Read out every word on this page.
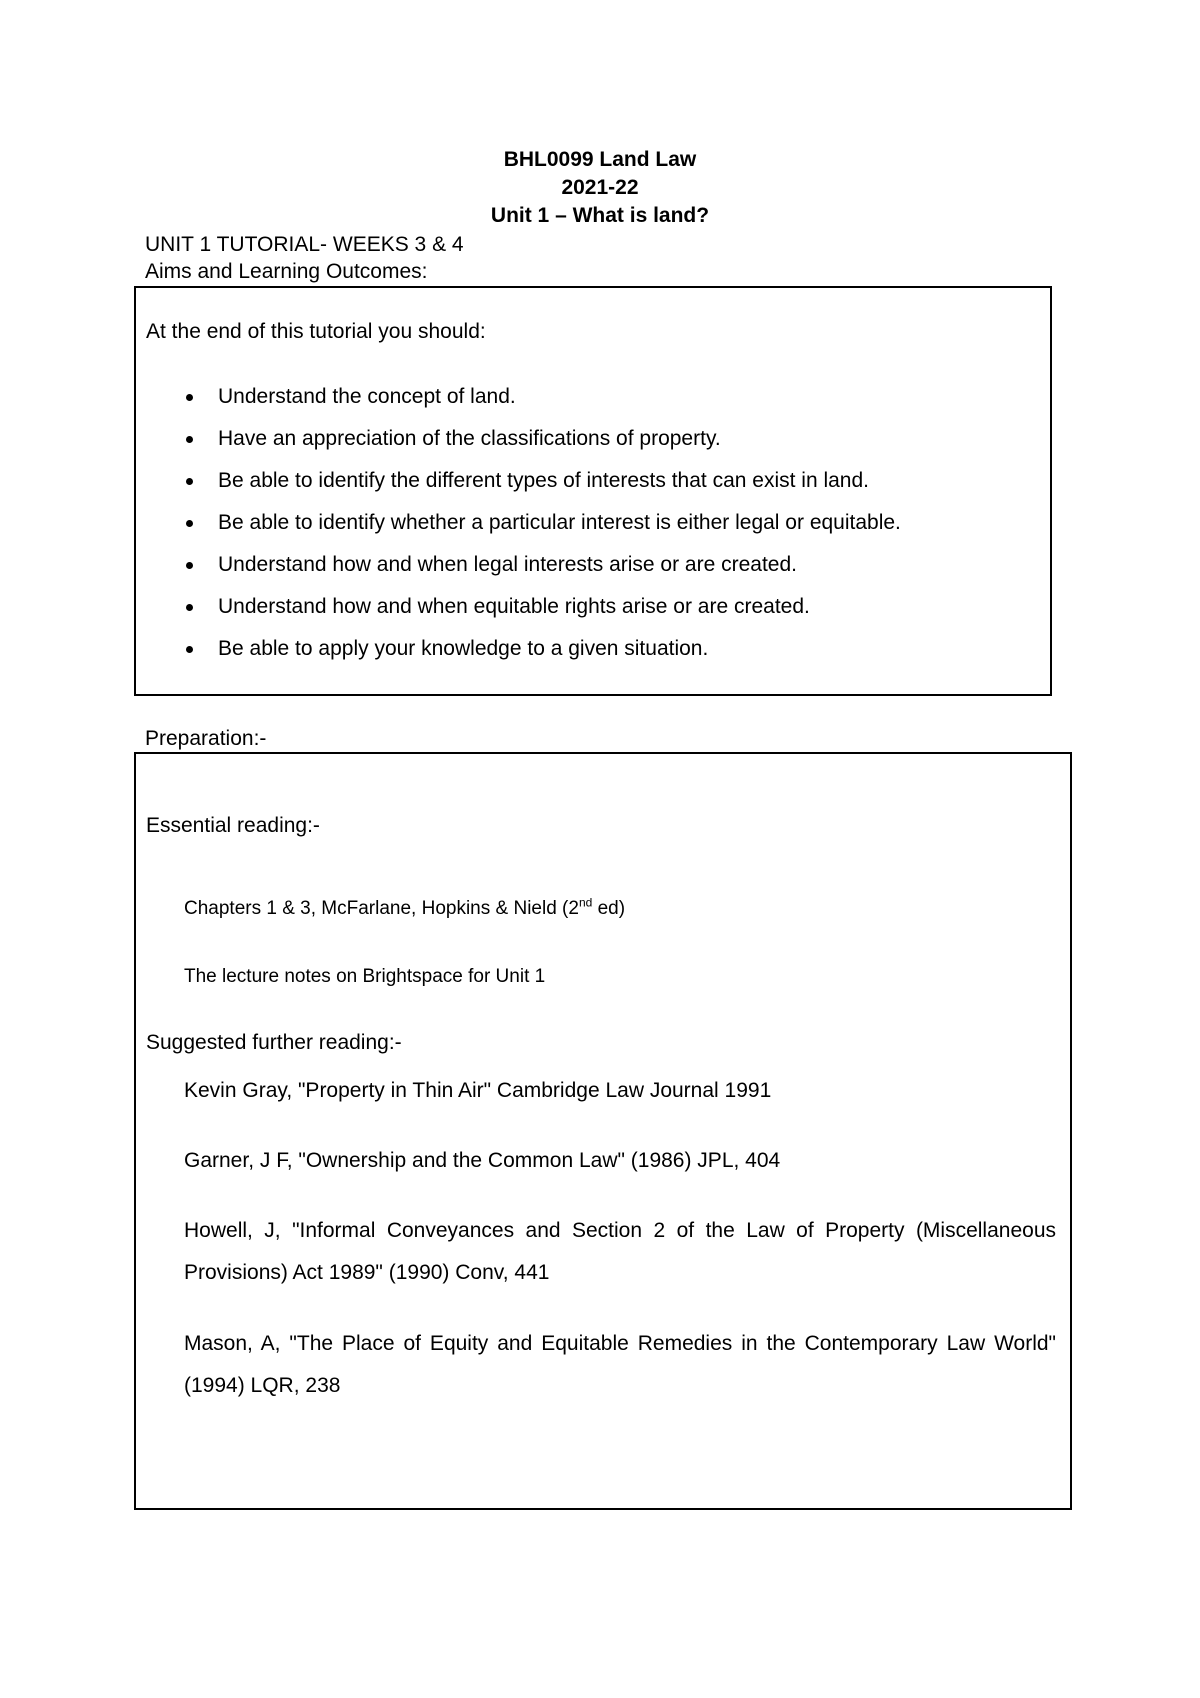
BHL0099 Land Law
2021-22
Unit 1 – What is land?
UNIT 1 TUTORIAL- WEEKS 3 & 4
Aims and Learning Outcomes:
At the end of this tutorial you should:
Understand the concept of land.
Have an appreciation of the classifications of property.
Be able to identify the different types of interests that can exist in land.
Be able to identify whether a particular interest is either legal or equitable.
Understand how and when legal interests arise or are created.
Understand how and when equitable rights arise or are created.
Be able to apply your knowledge to a given situation.
Preparation:-
Essential reading:-
Chapters 1 & 3, McFarlane, Hopkins & Nield (2nd ed)
The lecture notes on Brightspace for Unit 1
Suggested further reading:-
Kevin Gray, "Property in Thin Air" Cambridge Law Journal 1991
Garner, J F, "Ownership and the Common Law" (1986) JPL, 404
Howell, J, "Informal Conveyances and Section 2 of the Law of Property (Miscellaneous Provisions) Act 1989" (1990) Conv, 441
Mason, A, "The Place of Equity and Equitable Remedies in the Contemporary Law World" (1994) LQR, 238
